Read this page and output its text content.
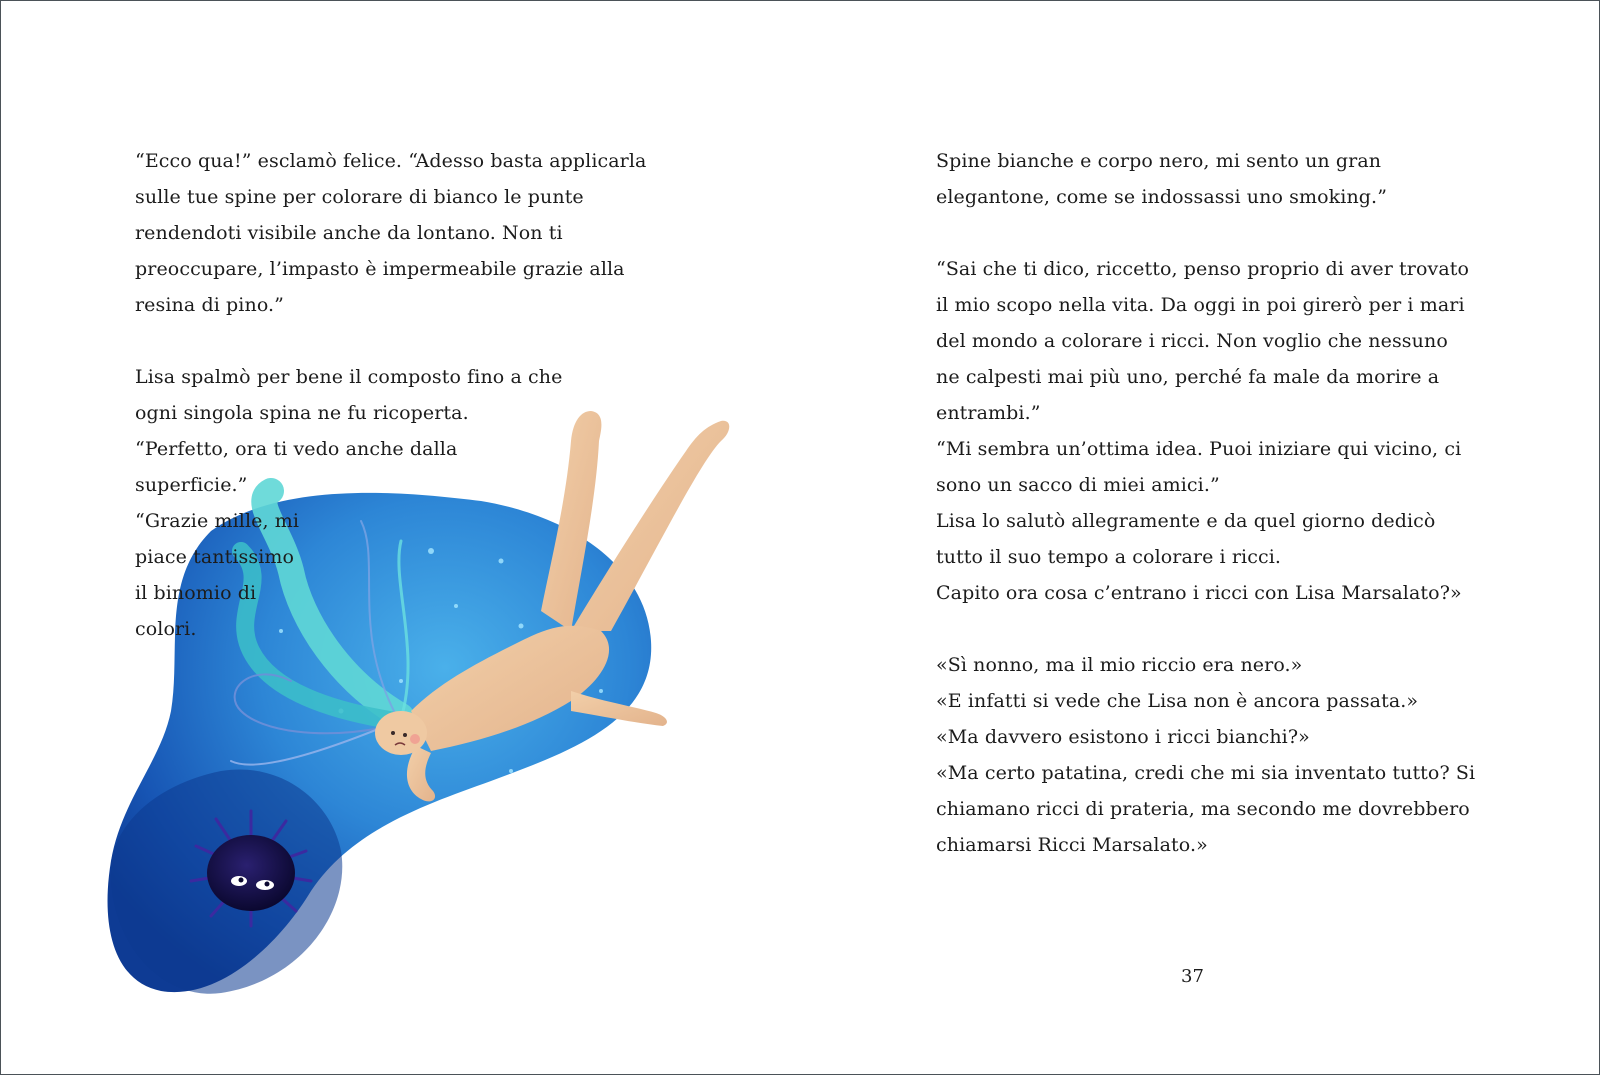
“Ecco qua!” esclamò felice. “Adesso basta applicarla

sulle tue spine per colorare di bianco le punte

rendendoti visibile anche da lontano. Non ti

preoccupare, l’impasto è impermeabile grazie alla

resina di pino.”

Lisa spalmò per bene il composto fino a che

ogni singola spina ne fu ricoperta.

“Perfetto, ora ti vedo anche dalla

superficie.”

“Grazie mille, mi

piace tantissimo

il binomio di

colori.

Spine bianche e corpo nero, mi sento un gran

elegantone, come se indossassi uno smoking.”

“Sai che ti dico, riccetto, penso proprio di aver trovato

il mio scopo nella vita. Da oggi in poi girerò per i mari

del mondo a colorare i ricci. Non voglio che nessuno

ne calpesti mai più uno, perché fa male da morire a

entrambi.”

“Mi sembra un’ottima idea. Puoi iniziare qui vicino, ci

sono un sacco di miei amici.”

Lisa lo salutò allegramente e da quel giorno dedicò

tutto il suo tempo a colorare i ricci.

Capito ora cosa c’entrano i ricci con Lisa Marsalato?»

«Sì nonno, ma il mio riccio era nero.»

«E infatti si vede che Lisa non è ancora passata.»

«Ma davvero esistono i ricci bianchi?»

«Ma certo patatina, credi che mi sia inventato tutto? Si

chiamano ricci di prateria, ma secondo me dovrebbero

chiamarsi Ricci Marsalato.»

37
